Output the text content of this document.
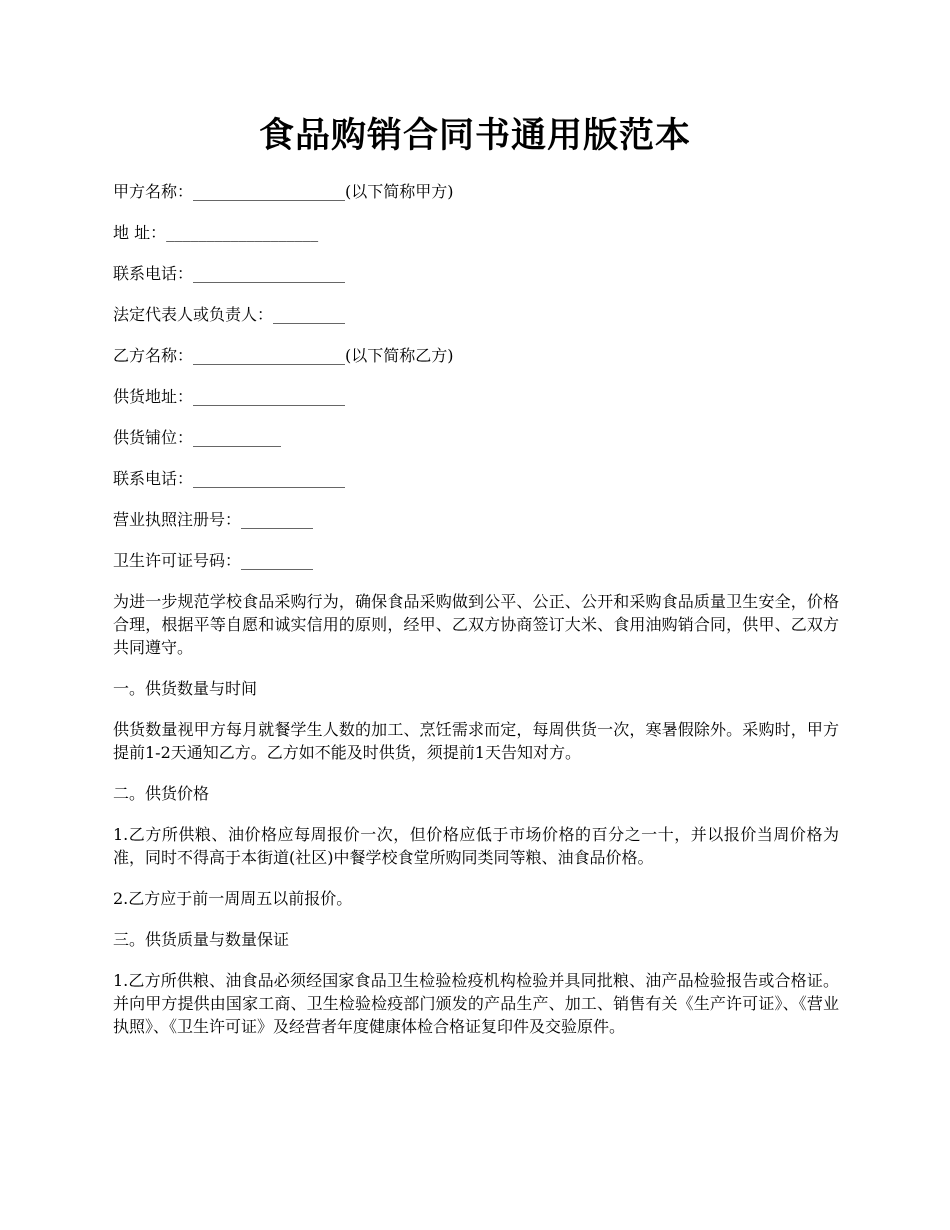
食品购销合同书通用版范本
甲方名称：___________________(以下简称甲方)
地 址：___________________
联系电话：___________________
法定代表人或负责人：_________
乙方名称：___________________(以下简称乙方)
供货地址：___________________
供货铺位：___________
联系电话：___________________
营业执照注册号：_________
卫生许可证号码：_________
为进一步规范学校食品采购行为，确保食品采购做到公平、公正、公开和采购食品质量卫生安全，价格合理，根据平等自愿和诚实信用的原则，经甲、乙双方协商签订大米、食用油购销合同，供甲、乙双方共同遵守。
一。供货数量与时间
供货数量视甲方每月就餐学生人数的加工、烹饪需求而定，每周供货一次，寒暑假除外。采购时，甲方提前1-2天通知乙方。乙方如不能及时供货，须提前1天告知对方。
二。供货价格
1.乙方所供粮、油价格应每周报价一次，但价格应低于市场价格的百分之一十，并以报价当周价格为准，同时不得高于本街道(社区)中餐学校食堂所购同类同等粮、油食品价格。
2.乙方应于前一周周五以前报价。
三。供货质量与数量保证
1.乙方所供粮、油食品必须经国家食品卫生检验检疫机构检验并具同批粮、油产品检验报告或合格证。并向甲方提供由国家工商、卫生检验检疫部门颁发的产品生产、加工、销售有关《生产许可证》、《营业执照》、《卫生许可证》及经营者年度健康体检合格证复印件及交验原件。
